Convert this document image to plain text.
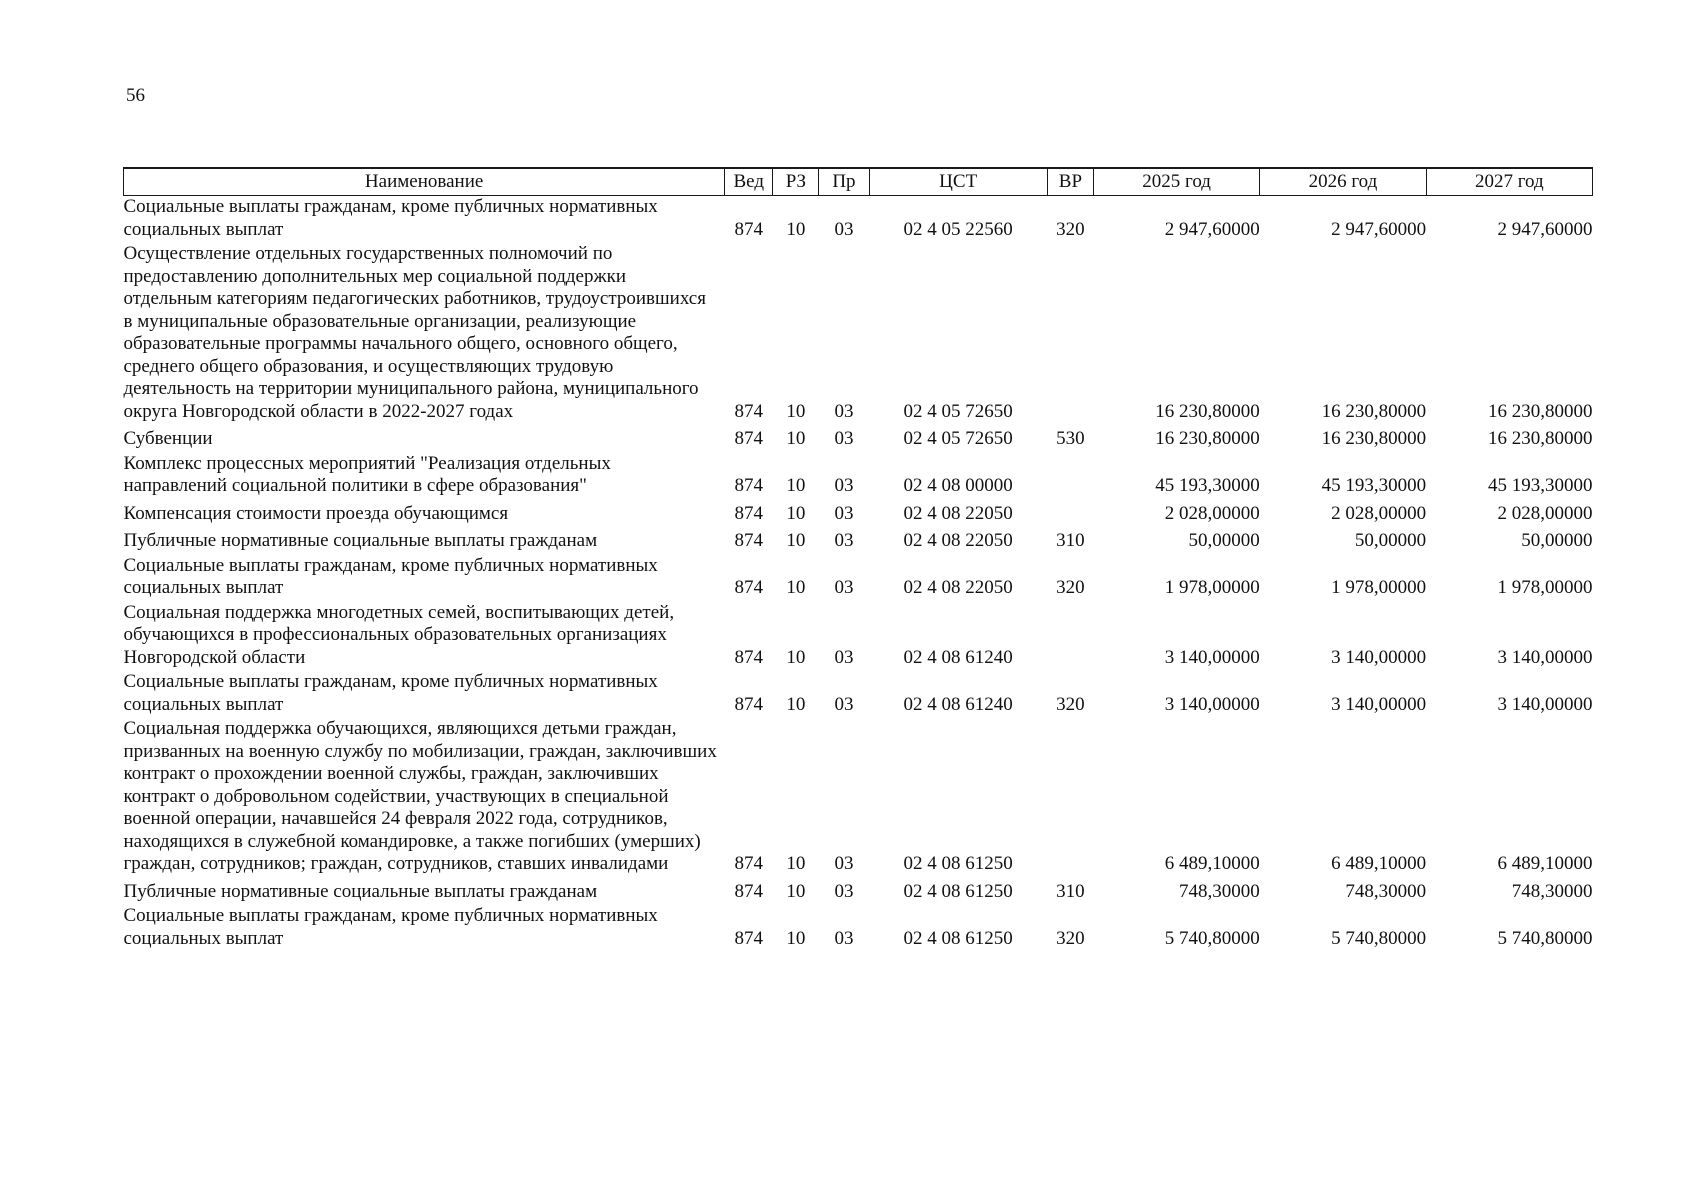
56
Наименование	Вед	РЗ	Пр	ЦСТ	ВР	2025 год	2026 год	2027 год
Социальные выплаты гражданам, кроме публичных нормативных социальных выплат	874	10	03	02 4 05 22560	320	2 947,60000	2 947,60000	2 947,60000
Осуществление отдельных государственных полномочий по предоставлению дополнительных мер социальной поддержки отдельным категориям педагогических работников, трудоустроившихся в муниципальные образовательные организации, реализующие образовательные программы начального общего, основного общего, среднего общего образования, и осуществляющих трудовую деятельность на территории муниципального района, муниципального округа Новгородской области в 2022-2027 годах	874	10	03	02 4 05 72650		16 230,80000	16 230,80000	16 230,80000
Субвенции	874	10	03	02 4 05 72650	530	16 230,80000	16 230,80000	16 230,80000
Комплекс процессных мероприятий "Реализация отдельных направлений социальной политики в сфере образования"	874	10	03	02 4 08 00000		45 193,30000	45 193,30000	45 193,30000
Компенсация стоимости проезда обучающимся	874	10	03	02 4 08 22050		2 028,00000	2 028,00000	2 028,00000
Публичные нормативные социальные выплаты гражданам	874	10	03	02 4 08 22050	310	50,00000	50,00000	50,00000
Социальные выплаты гражданам, кроме публичных нормативных социальных выплат	874	10	03	02 4 08 22050	320	1 978,00000	1 978,00000	1 978,00000
Социальная поддержка многодетных семей, воспитывающих детей, обучающихся в профессиональных образовательных организациях Новгородской области	874	10	03	02 4 08 61240		3 140,00000	3 140,00000	3 140,00000
Социальные выплаты гражданам, кроме публичных нормативных социальных выплат	874	10	03	02 4 08 61240	320	3 140,00000	3 140,00000	3 140,00000
Социальная поддержка обучающихся, являющихся детьми граждан, призванных на военную службу по мобилизации, граждан, заключивших контракт о прохождении военной службы, граждан, заключивших контракт о добровольном содействии, участвующих в специальной военной операции, начавшейся 24 февраля 2022 года, сотрудников, находящихся в служебной командировке, а также погибших (умерших) граждан, сотрудников; граждан, сотрудников, ставших инвалидами	874	10	03	02 4 08 61250		6 489,10000	6 489,10000	6 489,10000
Публичные нормативные социальные выплаты гражданам	874	10	03	02 4 08 61250	310	748,30000	748,30000	748,30000
Социальные выплаты гражданам, кроме публичных нормативных социальных выплат	874	10	03	02 4 08 61250	320	5 740,80000	5 740,80000	5 740,80000
